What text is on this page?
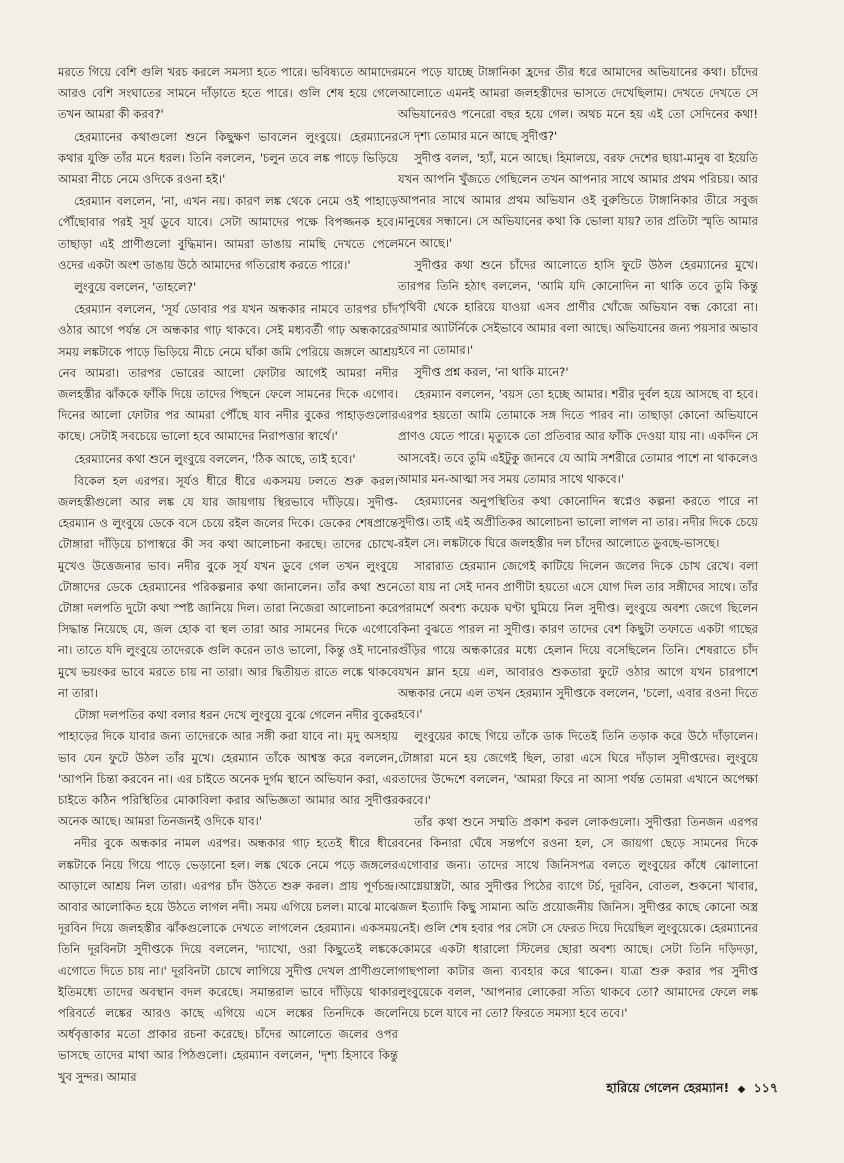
মরতে গিয়ে বেশি গুলি খরচ করলে সমস্যা হতে পারে। ভবিষ্যতে আমাদের আরও বেশি সংঘাতের সামনে দাঁড়াতে হতে পারে। গুলি শেষ হয়ে গেলে তখন আমরা কী করব?'

হেরম্যানের কথাগুলো শুনে কিছুক্ষণ ভাবলেন লুংবুয়ে। হেরম্যানের কথার যুক্তি তাঁর মনে ধরল। তিনি বললেন, 'চলুন তবে লঙ্ক পাড়ে ভিড়িয়ে আমরা নীচে নেমে ওদিকে রওনা হই।'

হেরম্যান বললেন, 'না, এখন নয়। কারণ লঙ্ক থেকে নেমে ওই পাহাড়ে পৌঁছোবার পরই সূর্য ডুবে যাবে। সেটা আমাদের পক্ষে বিপজ্জনক হবে। তাছাড়া এই প্রাণীগুলো বুদ্ধিমান। আমরা ডাঙায় নামছি দেখতে পেলে ওদের একটা অংশ ডাঙায় উঠে আমাদের গতিরোধ করতে পারে।'

লুংবুয়ে বললেন, 'তাহলে?'

হেরম্যান বললেন, 'সূর্য ডোবার পর যখন অন্ধকার নামবে তারপর চাঁদ ওঠার আগে পর্যন্ত সে অন্ধকার গাঢ় থাকবে। সেই মধ্যবর্তী গাঢ় অন্ধকারের সময় লঙ্কটাকে পাড়ে ভিড়িয়ে নীচে নেমে ঘাঁকা জমি পেরিয়ে জঙ্গলে আশ্রয় নেব আমরা। তারপর ভোরের আলো ফোটার আগেই আমরা নদীর জলহস্তীর ঝাঁককে ফাঁকি দিয়ে তাদের পিছনে ফেলে সামনের দিকে এগোব। দিনের আলো ফোটার পর আমরা পৌঁছে যাব নদীর বুকের পাহাড়গুলোর কাছে। সেটাই সবচেয়ে ভালো হবে আমাদের নিরাপত্তার স্বার্থে।'

হেরম্যানের কথা শুনে লুংবুয়ে বললেন, 'ঠিক আছে, তাই হবে।'

বিকেল হল এরপর। সূর্যও ধীরে ধীরে একসময় ঢলতে শুরু করল। জলহস্তীগুলো আর লঙ্ক যে যার জায়গায় স্থিরভাবে দাঁড়িয়ে। সুদীপ্ত-হেরম্যান ও লুংবুয়ে ডেকে বসে চেয়ে রইল জলের দিকে। ডেকের শেষপ্রান্তে টোঙ্গারা দাঁড়িয়ে চাপাস্বরে কী সব কথা আলোচনা করছে। তাদের চোখে-মুখেও উত্তেজনার ভাব। নদীর বুকে সূর্য যখন ডুবে গেল তখন লুংবুয়ে টোঙ্গাদের ডেকে হেরম্যানের পরিকল্পনার কথা জানালেন। তাঁর কথা শুনে টোঙ্গা দলপতি দুটো কথা স্পষ্ট জানিয়ে দিল। তারা নিজেরা আলোচনা করে সিদ্ধান্ত নিয়েছে যে, জল হোক বা স্থল তারা আর সামনের দিকে এগোবে না। তাতে যদি লুংবুয়ে তাদেরকে গুলি করেন তাও ভালো, কিন্তু ওই দানোর মুখে ভয়ংকর ভাবে মরতে চায় না তারা। আর দ্বিতীয়ত রাতে লঙ্কে থাকবে না তারা।

টোঙ্গা দলপতির কথা বলার ধরন দেখে লুংবুয়ে বুঝে গেলেন নদীর বুকের পাহাড়ের দিকে যাবার জন্য তাদেরকে আর সঙ্গী করা যাবে না। মৃদু অসহায় ভাব যেন ফুটে উঠল তাঁর মুখে। হেরম্যান তাঁকে আশ্বস্ত করে বললেন, 'আপনি চিন্তা করবেন না। এর চাইতে অনেক দুর্গম স্থানে অভিযান করা, এর চাইতে কঠিন পরিস্থিতির মোকাবিলা করার অভিজ্ঞতা আমার আর সুদীপ্তর অনেক আছে। আমরা তিনজনই ওদিকে যাব।'

নদীর বুকে অন্ধকার নামল এরপর। অন্ধকার গাঢ় হতেই ধীরে ধীরে লঙ্কটাকে নিয়ে গিয়ে পাড়ে ভেড়ানো হল। লঙ্ক থেকে নেমে পড়ে জঙ্গলের আড়ালে আশ্রয় নিল তারা। এরপর চাঁদ উঠতে শুরু করল। প্রায় পূর্ণচন্দ্র। আবার আলোকিত হয়ে উঠতে লাগল নদী। সময় এগিয়ে চলল। মাঝে মাঝে দূরবিন দিয়ে জলহস্তীর ঝাঁকগুলোকে দেখতে লাগলেন হেরম্যান। একসময় তিনি দূরবিনটা সুদীপ্তকে দিয়ে বললেন, 'দ্যাখো, ওরা কিছুতেই লঙ্ককে এগোতে দিতে চায় না।' দূরবিনটা চোখে লাগিয়ে সুদীপ্ত দেখল প্রাণীগুলো ইতিমধ্যে তাদের অবস্থান বদল করেছে। সমান্তরাল ভাবে দাঁড়িয়ে থাকার পরিবর্তে লঙ্কের আরও কাছে এগিয়ে এসে লঙ্কের তিনদিকে জলে অর্ধবৃত্তাকার মতো প্রাকার রচনা করেছে। চাঁদের আলোতে জলের ওপর ভাসছে তাদের মাথা আর পিঠগুলো। হেরম্যান বললেন, 'দৃশ্য হিসাবে কিন্তু খুব সুন্দর। আমার

মনে পড়ে যাচ্ছে টাঙ্গানিকা হ্রদের তীর ধরে আমাদের অভিযানের কথা। চাঁদের আলোতে এমনই আমরা জলহস্তীদের ভাসতে দেখেছিলাম। দেখতে দেখতে সে অভিযানেরও পনেরো বছর হয়ে গেল। অথচ মনে হয় এই তো সেদিনের কথা! সে দৃশ্য তোমার মনে আছে সুদীপ্ত?'

সুদীপ্ত বলল, 'হ্যাঁ, মনে আছে। হিমালয়ে, বরফ দেশের ছায়া-মানুষ বা ইয়েতি যখন আপনি খুঁজতে গেছিলেন তখন আপনার সাথে আমার প্রথম পরিচয়। আর আপনার সাথে আমার প্রথম অভিযান ওই বুরুন্ডিতে টাঙ্গানিকার তীরে সবুজ মানুষের সন্ধানে। সে অভিযানের কথা কি ভোলা যায়? তার প্রতিটা স্মৃতি আমার মনে আছে।'

সুদীপ্তর কথা শুনে চাঁদের আলোতে হাসি ফুটে উঠল হেরম্যানের মুখে। তারপর তিনি হঠাৎ বললেন, 'আমি যদি কোনোদিন না থাকি তবে তুমি কিন্তু পৃথিবী থেকে হারিয়ে যাওয়া এসব প্রাণীর খোঁজে অভিযান বন্ধ কোরো না। আমার অ্যাটর্নিকে সেইভাবে আমার বলা আছে। অভিযানের জন্য পয়সার অভাব হবে না তোমার।'

সুদীপ্ত প্রশ্ন করল, 'না থাকি মানে?'

হেরম্যান বললেন, 'বয়স তো হচ্ছে আমার। শরীর দুর্বল হয়ে আসছে বা হবে। এরপর হয়তো আমি তোমাকে সঙ্গ দিতে পারব না। তাছাড়া কোনো অভিযানে প্রাণও যেতে পারে। মৃত্যুকে তো প্রতিবার আর ফাঁকি দেওয়া যায় না। একদিন সে আসবেই। তবে তুমি এইটুকু জানবে যে আমি সশরীরে তোমার পাশে না থাকলেও আমার মন-আত্মা সব সময় তোমার সাথে থাকবে।'

হেরম্যানের অনুপস্থিতির কথা কোনোদিন স্বপ্নেও কল্পনা করতে পারে না সুদীপ্ত। তাই এই অপ্রীতিকর আলোচনা ভালো লাগল না তার। নদীর দিকে চেয়ে রইল সে। লঙ্কটাকে ঘিরে জলহস্তীর দল চাঁদের আলোতে ডুবছে-ভাসছে।

সারারাত হেরম্যান জেগেই কাটিয়ে দিলেন জলের দিকে চোখ রেখে। বলা তো যায় না সেই দানব প্রাণীটা হয়তো এসে যোগ দিল তার সঙ্গীদের সাথে। তাঁর পরামর্শে অবশ্য কয়েক ঘণ্টা ঘুমিয়ে নিল সুদীপ্ত। লুংবুয়ে অবশ্য জেগে ছিলেন কিনা বুঝতে পারল না সুদীপ্ত। কারণ তাদের বেশ কিছুটা তফাতে একটা গাছের গুঁড়ির গায়ে অন্ধকারের মধ্যে হেলান দিয়ে বসেছিলেন তিনি। শেষরাতে চাঁদ যখন ম্লান হয়ে এল, আবারও শুকতারা ফুটে ওঠার আগে যখন চারপাশে অন্ধকার নেমে এল তখন হেরম্যান সুদীপ্তকে বললেন, 'চলো, এবার রওনা দিতে হবে।'

লুংবুয়ের কাছে গিয়ে তাঁকে ডাক দিতেই তিনি তড়াক করে উঠে দাঁড়ালেন। টোঙ্গারা মনে হয় জেগেই ছিল, তারা এসে ঘিরে দাঁড়াল সুদীপ্তদের। লুংবুয়ে তাদের উদ্দেশে বললেন, 'আমরা ফিরে না আসা পর্যন্ত তোমরা এখানে অপেক্ষা করবে।'

তাঁর কথা শুনে সম্মতি প্রকাশ করল লোকগুলো। সুদীপ্তরা তিনজন এরপর বনের কিনারা ঘেঁষে সন্তর্পণে রওনা হল, সে জায়গা ছেড়ে সামনের দিকে এগোবার জন্য। তাদের সাথে জিনিসপত্র বলতে লুংবুয়ের কাঁধে ঝোলানো আগ্নেয়াস্ত্রটা, আর সুদীপ্তর পিঠের ব্যাগে টর্চ, দূরবিন, বোতল, শুকনো খাবার, জল ইত্যাদি কিছু সামান্য অতি প্রয়োজনীয় জিনিস। সুদীপ্তর কাছে কোনো অস্ত্র নেই। গুলি শেষ হবার পর সেটা সে ফেরত দিয়ে দিয়েছিল লুংবুয়েকে। হেরম্যানের কোমরে একটা ধারালো স্টিলের ছোরা অবশ্য আছে। সেটা তিনি দড়িদড়া, গাছপালা কাটার জন্য ব্যবহার করে থাকেন। যাত্রা শুরু করার পর সুদীপ্ত লুংবুয়েকে বলল, 'আপনার লোকেরা সত্যি থাকবে তো? আমাদের ফেলে লঙ্ক নিয়ে চলে যাবে না তো? ফিরতে সমস্যা হবে তবে।'

হারিয়ে গেলেন হেরম্যান! ◆ ১১৭
